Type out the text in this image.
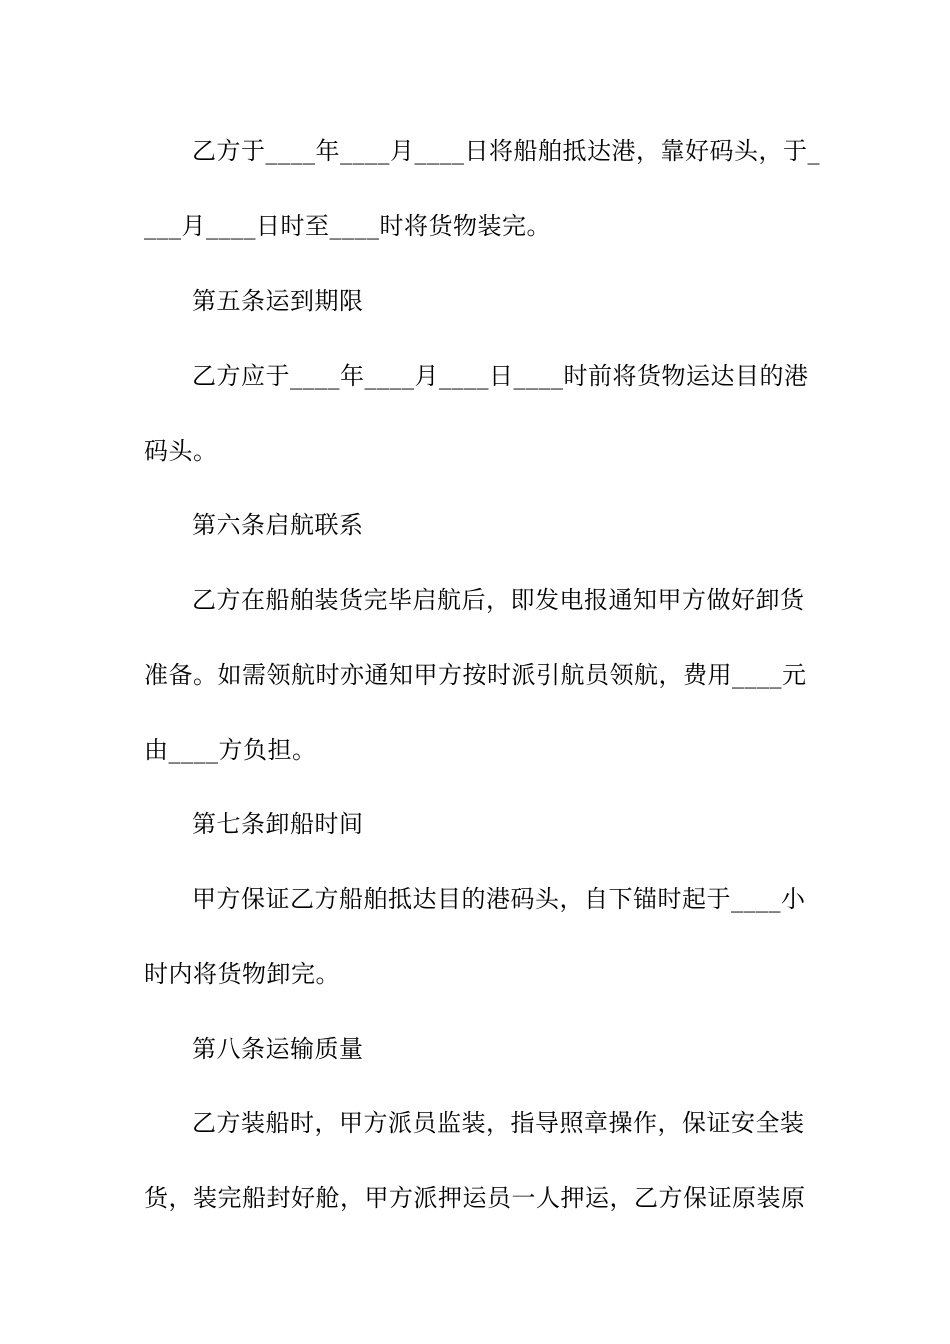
乙方于____年____月____日将船舶抵达港，靠好码头，于_
___月____日时至____时将货物装完。
第五条运到期限
乙方应于____年____月____日____时前将货物运达目的港
码头。
第六条启航联系
乙方在船舶装货完毕启航后，即发电报通知甲方做好卸货
准备。如需领航时亦通知甲方按时派引航员领航，费用____元
由____方负担。
第七条卸船时间
甲方保证乙方船舶抵达目的港码头，自下锚时起于____小
时内将货物卸完。
第八条运输质量
乙方装船时，甲方派员监装，指导照章操作，保证安全装
货，装完船封好舱，甲方派押运员一人押运，乙方保证原装原
